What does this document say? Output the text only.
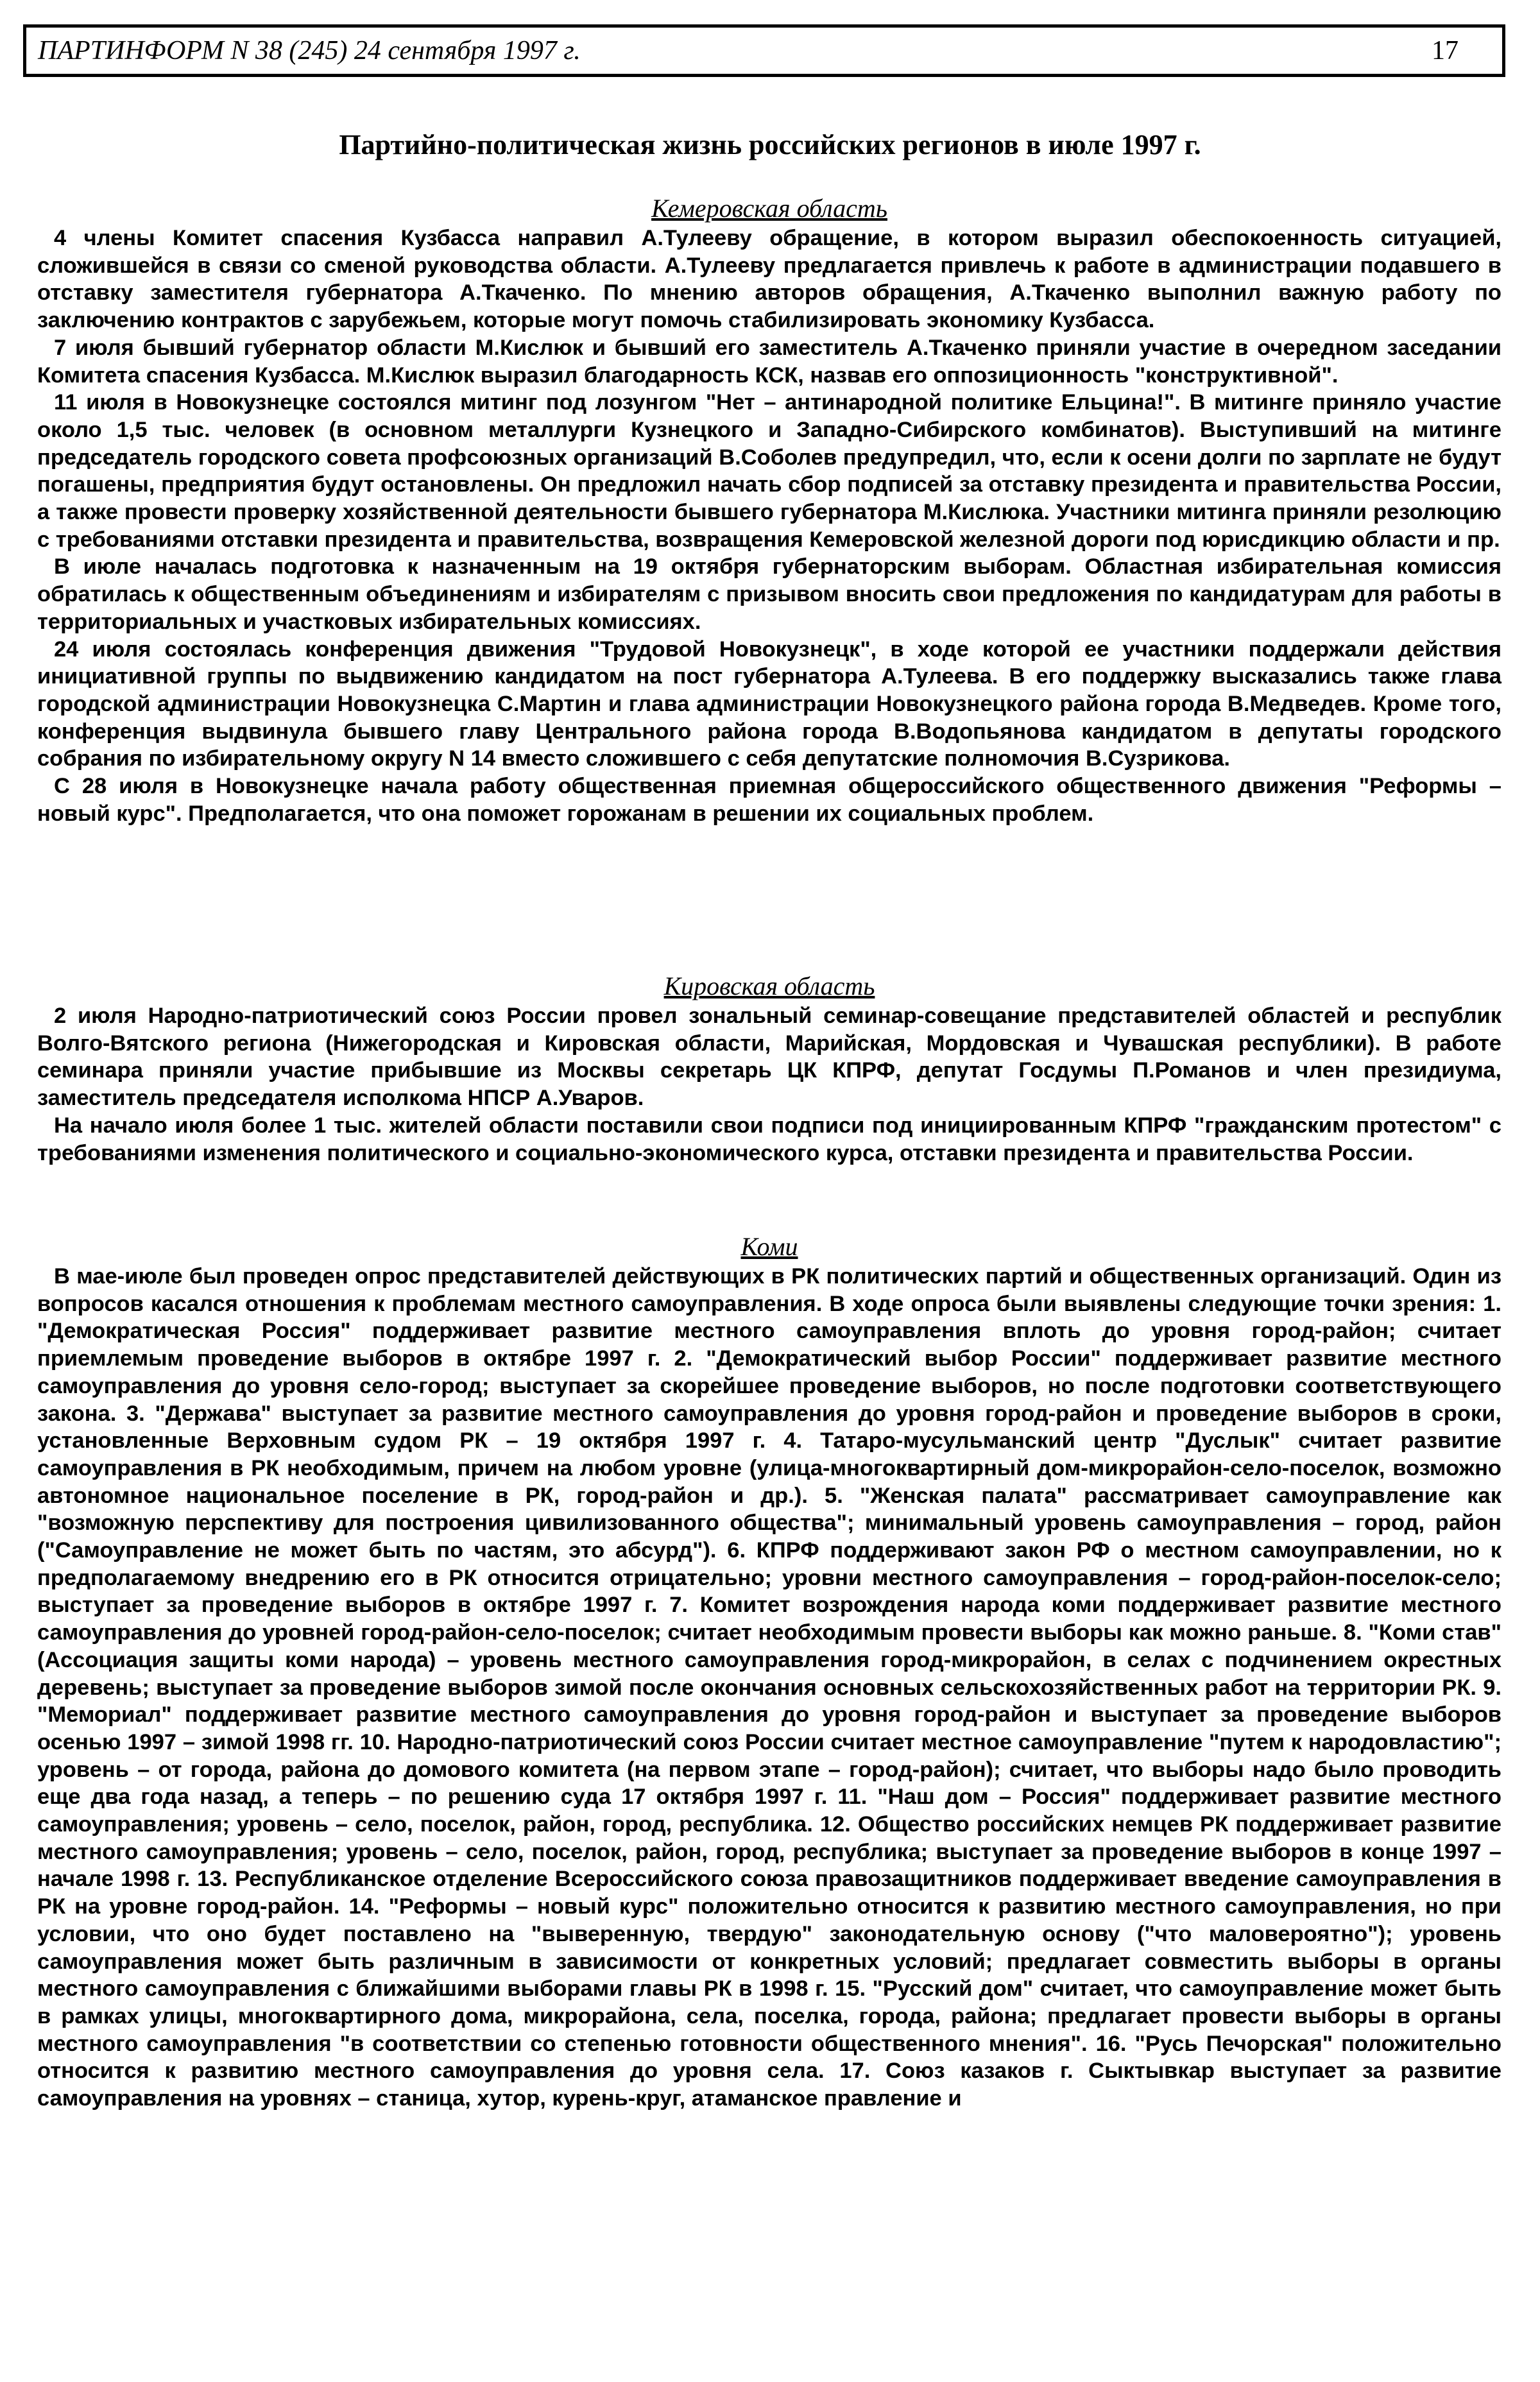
ПАРТИНФОРМ N 38 (245) 24 сентября 1997 г.	17
Партийно-политическая жизнь российских регионов в июле 1997 г.
Кемеровская область

4 члены Комитет спасения Кузбасса направил А.Тулееву обращение, в котором выразил обеспокоенность ситуацией, сложившейся в связи со сменой руководства области. А.Тулееву предлагается привлечь к работе в администрации подавшего в отставку заместителя губернатора А.Ткаченко. По мнению авторов обращения, А.Ткаченко выполнил важную работу по заключению контрактов с зарубежьем, которые могут помочь стабилизировать экономику Кузбасса.

7 июля бывший губернатор области М.Кислюк и бывший его заместитель А.Ткаченко приняли участие в очередном заседании Комитета спасения Кузбасса. М.Кислюк выразил благодарность КСК, назвав его оппозиционность "конструктивной".

11 июля в Новокузнецке состоялся митинг под лозунгом "Нет – антинародной политике Ельцина!". В митинге приняло участие около 1,5 тыс. человек (в основном металлурги Кузнецкого и Западно-Сибирского комбинатов). Выступивший на митинге председатель городского совета профсоюзных организаций В.Соболев предупредил, что, если к осени долги по зарплате не будут погашены, предприятия будут остановлены. Он предложил начать сбор подписей за отставку президента и правительства России, а также провести проверку хозяйственной деятельности бывшего губернатора М.Кислюка. Участники митинга приняли резолюцию с требованиями отставки президента и правительства, возвращения Кемеровской железной дороги под юрисдикцию области и пр.

В июле началась подготовка к назначенным на 19 октября губернаторским выборам. Областная избирательная комиссия обратилась к общественным объединениям и избирателям с призывом вносить свои предложения по кандидатурам для работы в территориальных и участковых избирательных комиссиях.

24 июля состоялась конференция движения "Трудовой Новокузнецк", в ходе которой ее участники поддержали действия инициативной группы по выдвижению кандидатом на пост губернатора А.Тулеева. В его поддержку высказались также глава городской администрации Новокузнецка С.Мартин и глава администрации Новокузнецкого района города В.Медведев. Кроме того, конференция выдвинула бывшего главу Центрального района города В.Водопьянова кандидатом в депутаты городского собрания по избирательному округу N 14 вместо сложившего с себя депутатские полномочия В.Сузрикова.

С 28 июля в Новокузнецке начала работу общественная приемная общероссийского общественного движения "Реформы – новый курс". Предполагается, что она поможет горожанам в решении их социальных проблем.

Кировская область

2 июля Народно-патриотический союз России провел зональный семинар-совещание представителей областей и республик Волго-Вятского региона (Нижегородская и Кировская области, Марийская, Мордовская и Чувашская республики). В работе семинара приняли участие прибывшие из Москвы секретарь ЦК КПРФ, депутат Госдумы П.Романов и член президиума, заместитель председателя исполкома НПСР А.Уваров.

На начало июля более 1 тыс. жителей области поставили свои подписи под инициированным КПРФ "гражданским протестом" с требованиями изменения политического и социально-экономического курса, отставки президента и правительства России.

Коми

В мае-июле был проведен опрос представителей действующих в РК политических партий и общественных организаций. Один из вопросов касался отношения к проблемам местного самоуправления. В ходе опроса были выявлены следующие точки зрения: 1. "Демократическая Россия" поддерживает развитие местного самоуправления вплоть до уровня город-район; считает приемлемым проведение выборов в октябре 1997 г. 2. "Демократический выбор России" поддерживает развитие местного самоуправления до уровня село-город; выступает за скорейшее проведение выборов, но после подготовки соответствующего закона. 3. "Держава" выступает за развитие местного самоуправления до уровня город-район и проведение выборов в сроки, установленные Верховным судом РК – 19 октября 1997 г. 4. Татаро-мусульманский центр "Дуслык" считает развитие самоуправления в РК необходимым, причем на любом уровне (улица-многоквартирный дом-микрорайон-село-поселок, возможно автономное национальное поселение в РК, город-район и др.). 5. "Женская палата" рассматривает самоуправление как "возможную перспективу для построения цивилизованного общества"; минимальный уровень самоуправления – город, район ("Самоуправление не может быть по частям, это абсурд"). 6. КПРФ поддерживают закон РФ о местном самоуправлении, но к предполагаемому внедрению его в РК относится отрицательно; уровни местного самоуправления – город-район-поселок-село; выступает за проведение выборов в октябре 1997 г. 7. Комитет возрождения народа коми поддерживает развитие местного самоуправления до уровней город-район-село-поселок; считает необходимым провести выборы как можно раньше. 8. "Коми став" (Ассоциация защиты коми народа) – уровень местного самоуправления город-микрорайон, в селах с подчинением окрестных деревень; выступает за проведение выборов зимой после окончания основных сельскохозяйственных работ на территории РК. 9. "Мемориал" поддерживает развитие местного самоуправления до уровня город-район и выступает за проведение выборов осенью 1997 – зимой 1998 гг. 10. Народно-патриотический союз России считает местное самоуправление "путем к народовластию"; уровень – от города, района до домового комитета (на первом этапе – город-район); считает, что выборы надо было проводить еще два года назад, а теперь – по решению суда 17 октября 1997 г. 11. "Наш дом – Россия" поддерживает развитие местного самоуправления; уровень – село, поселок, район, город, республика. 12. Общество российских немцев РК поддерживает развитие местного самоуправления; уровень – село, поселок, район, город, республика; выступает за проведение выборов в конце 1997 – начале 1998 г. 13. Республиканское отделение Всероссийского союза правозащитников поддерживает введение самоуправления в РК на уровне город-район. 14. "Реформы – новый курс" положительно относится к развитию местного самоуправления, но при условии, что оно будет поставлено на "выверенную, твердую" законодательную основу ("что маловероятно"); уровень самоуправления может быть различным в зависимости от конкретных условий; предлагает совместить выборы в органы местного самоуправления с ближайшими выборами главы РК в 1998 г. 15. "Русский дом" считает, что самоуправление может быть в рамках улицы, многоквартирного дома, микрорайона, села, поселка, города, района; предлагает провести выборы в органы местного самоуправления "в соответствии со степенью готовности общественного мнения". 16. "Русь Печорская" положительно относится к развитию местного самоуправления до уровня села. 17. Союз казаков г. Сыктывкар выступает за развитие самоуправления на уровнях – станица, хутор, курень-круг, атаманское правление и
